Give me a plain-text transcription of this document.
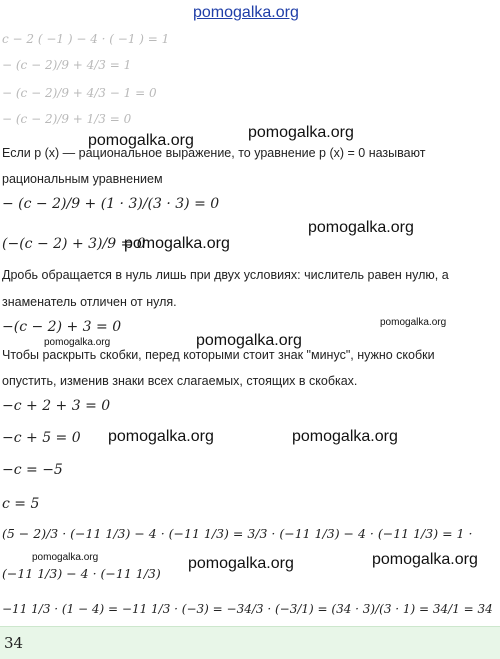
pomogalka.org
c − 2 ( −1 ) − 4 · ( −1 ) = 1
− (c − 2)/9 + 4/3 = 1
− (c − 2)/9 + 4/3 − 1 = 0
− (c − 2)/9 + 1/3 = 0
pomogalka.org	pomogalka.org
Если p (x) — рациональное выражение, то уравнение p (x) = 0 называют
рациональным уравнением
− (c − 2)/9 + (1 · 3)/(3 · 3) = 0
(−(c − 2) + 3)/9 = 0
pomogalka.org
pomogalka.org
Дробь обращается в нуль лишь при двух условиях: числитель равен нулю, а
знаменатель отличен от нуля.
−(c − 2) + 3 = 0	pomogalka.org
pomogalka.org	pomogalka.org
Чтобы раскрыть скобки, перед которыми стоит знак "минус", нужно скобки
опустить, изменив знаки всех слагаемых, стоящих в скобках.
−c + 2 + 3 = 0
−c + 5 = 0 pomogalka.org	pomogalka.org
−c = −5
c = 5
(5 − 2)/3 · (−11 1/3) − 4 · (−11 1/3) = 3/3 · (−11 1/3) − 4 · (−11 1/3) = 1 ·
pomogalka.org
(−11 1/3) − 4 · (−11 1/3)
pomogalka.org	pomogalka.org
−11 1/3 · (1 − 4) = −11 1/3 · (−3) = −34/3 · (−3/1) = (34 · 3)/(3 · 1) = 34/1 = 34
34
